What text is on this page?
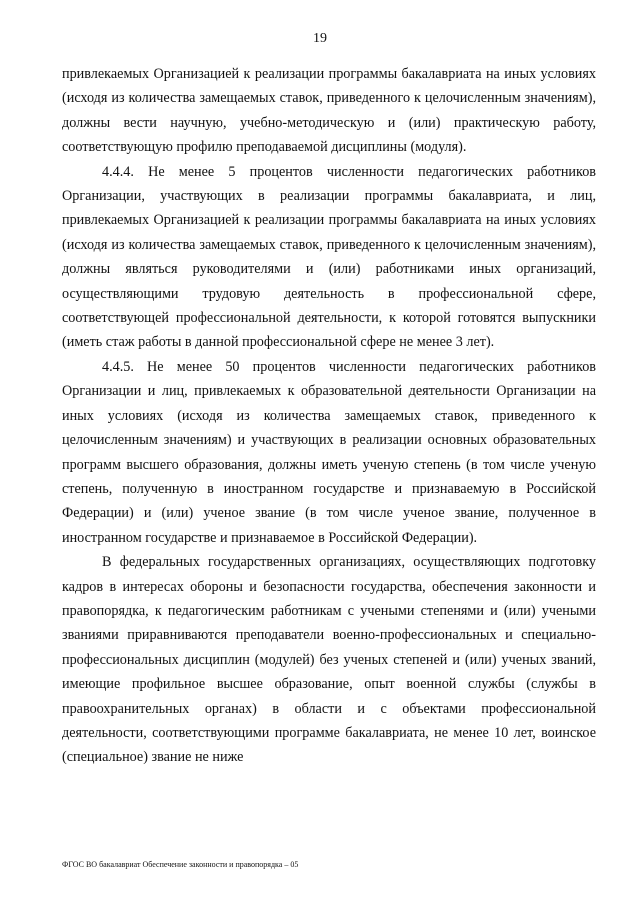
19

привлекаемых Организацией к реализации программы бакалавриата на иных условиях (исходя из количества замещаемых ставок, приведенного к целочисленным значениям), должны вести научную, учебно-методическую и (или) практическую работу, соответствующую профилю преподаваемой дисциплины (модуля).

4.4.4. Не менее 5 процентов численности педагогических работников Организации, участвующих в реализации программы бакалавриата, и лиц, привлекаемых Организацией к реализации программы бакалавриата на иных условиях (исходя из количества замещаемых ставок, приведенного к целочисленным значениям), должны являться руководителями и (или) работниками иных организаций, осуществляющими трудовую деятельность в профессиональной сфере, соответствующей профессиональной деятельности, к которой готовятся выпускники (иметь стаж работы в данной профессиональной сфере не менее 3 лет).

4.4.5. Не менее 50 процентов численности педагогических работников Организации и лиц, привлекаемых к образовательной деятельности Организации на иных условиях (исходя из количества замещаемых ставок, приведенного к целочисленным значениям) и участвующих в реализации основных образовательных программ высшего образования, должны иметь ученую степень (в том числе ученую степень, полученную в иностранном государстве и признаваемую в Российской Федерации) и (или) ученое звание (в том числе ученое звание, полученное в иностранном государстве и признаваемое в Российской Федерации).

В федеральных государственных организациях, осуществляющих подготовку кадров в интересах обороны и безопасности государства, обеспечения законности и правопорядка, к педагогическим работникам с учеными степенями и (или) учеными званиями приравниваются преподаватели военно-профессиональных и специально-профессиональных дисциплин (модулей) без ученых степеней и (или) ученых званий, имеющие профильное высшее образование, опыт военной службы (службы в правоохранительных органах) в области и с объектами профессиональной деятельности, соответствующими программе бакалавриата, не менее 10 лет, воинское (специальное) звание не ниже

ФГОС ВО бакалавриат Обеспечение законности и правопорядка – 05
